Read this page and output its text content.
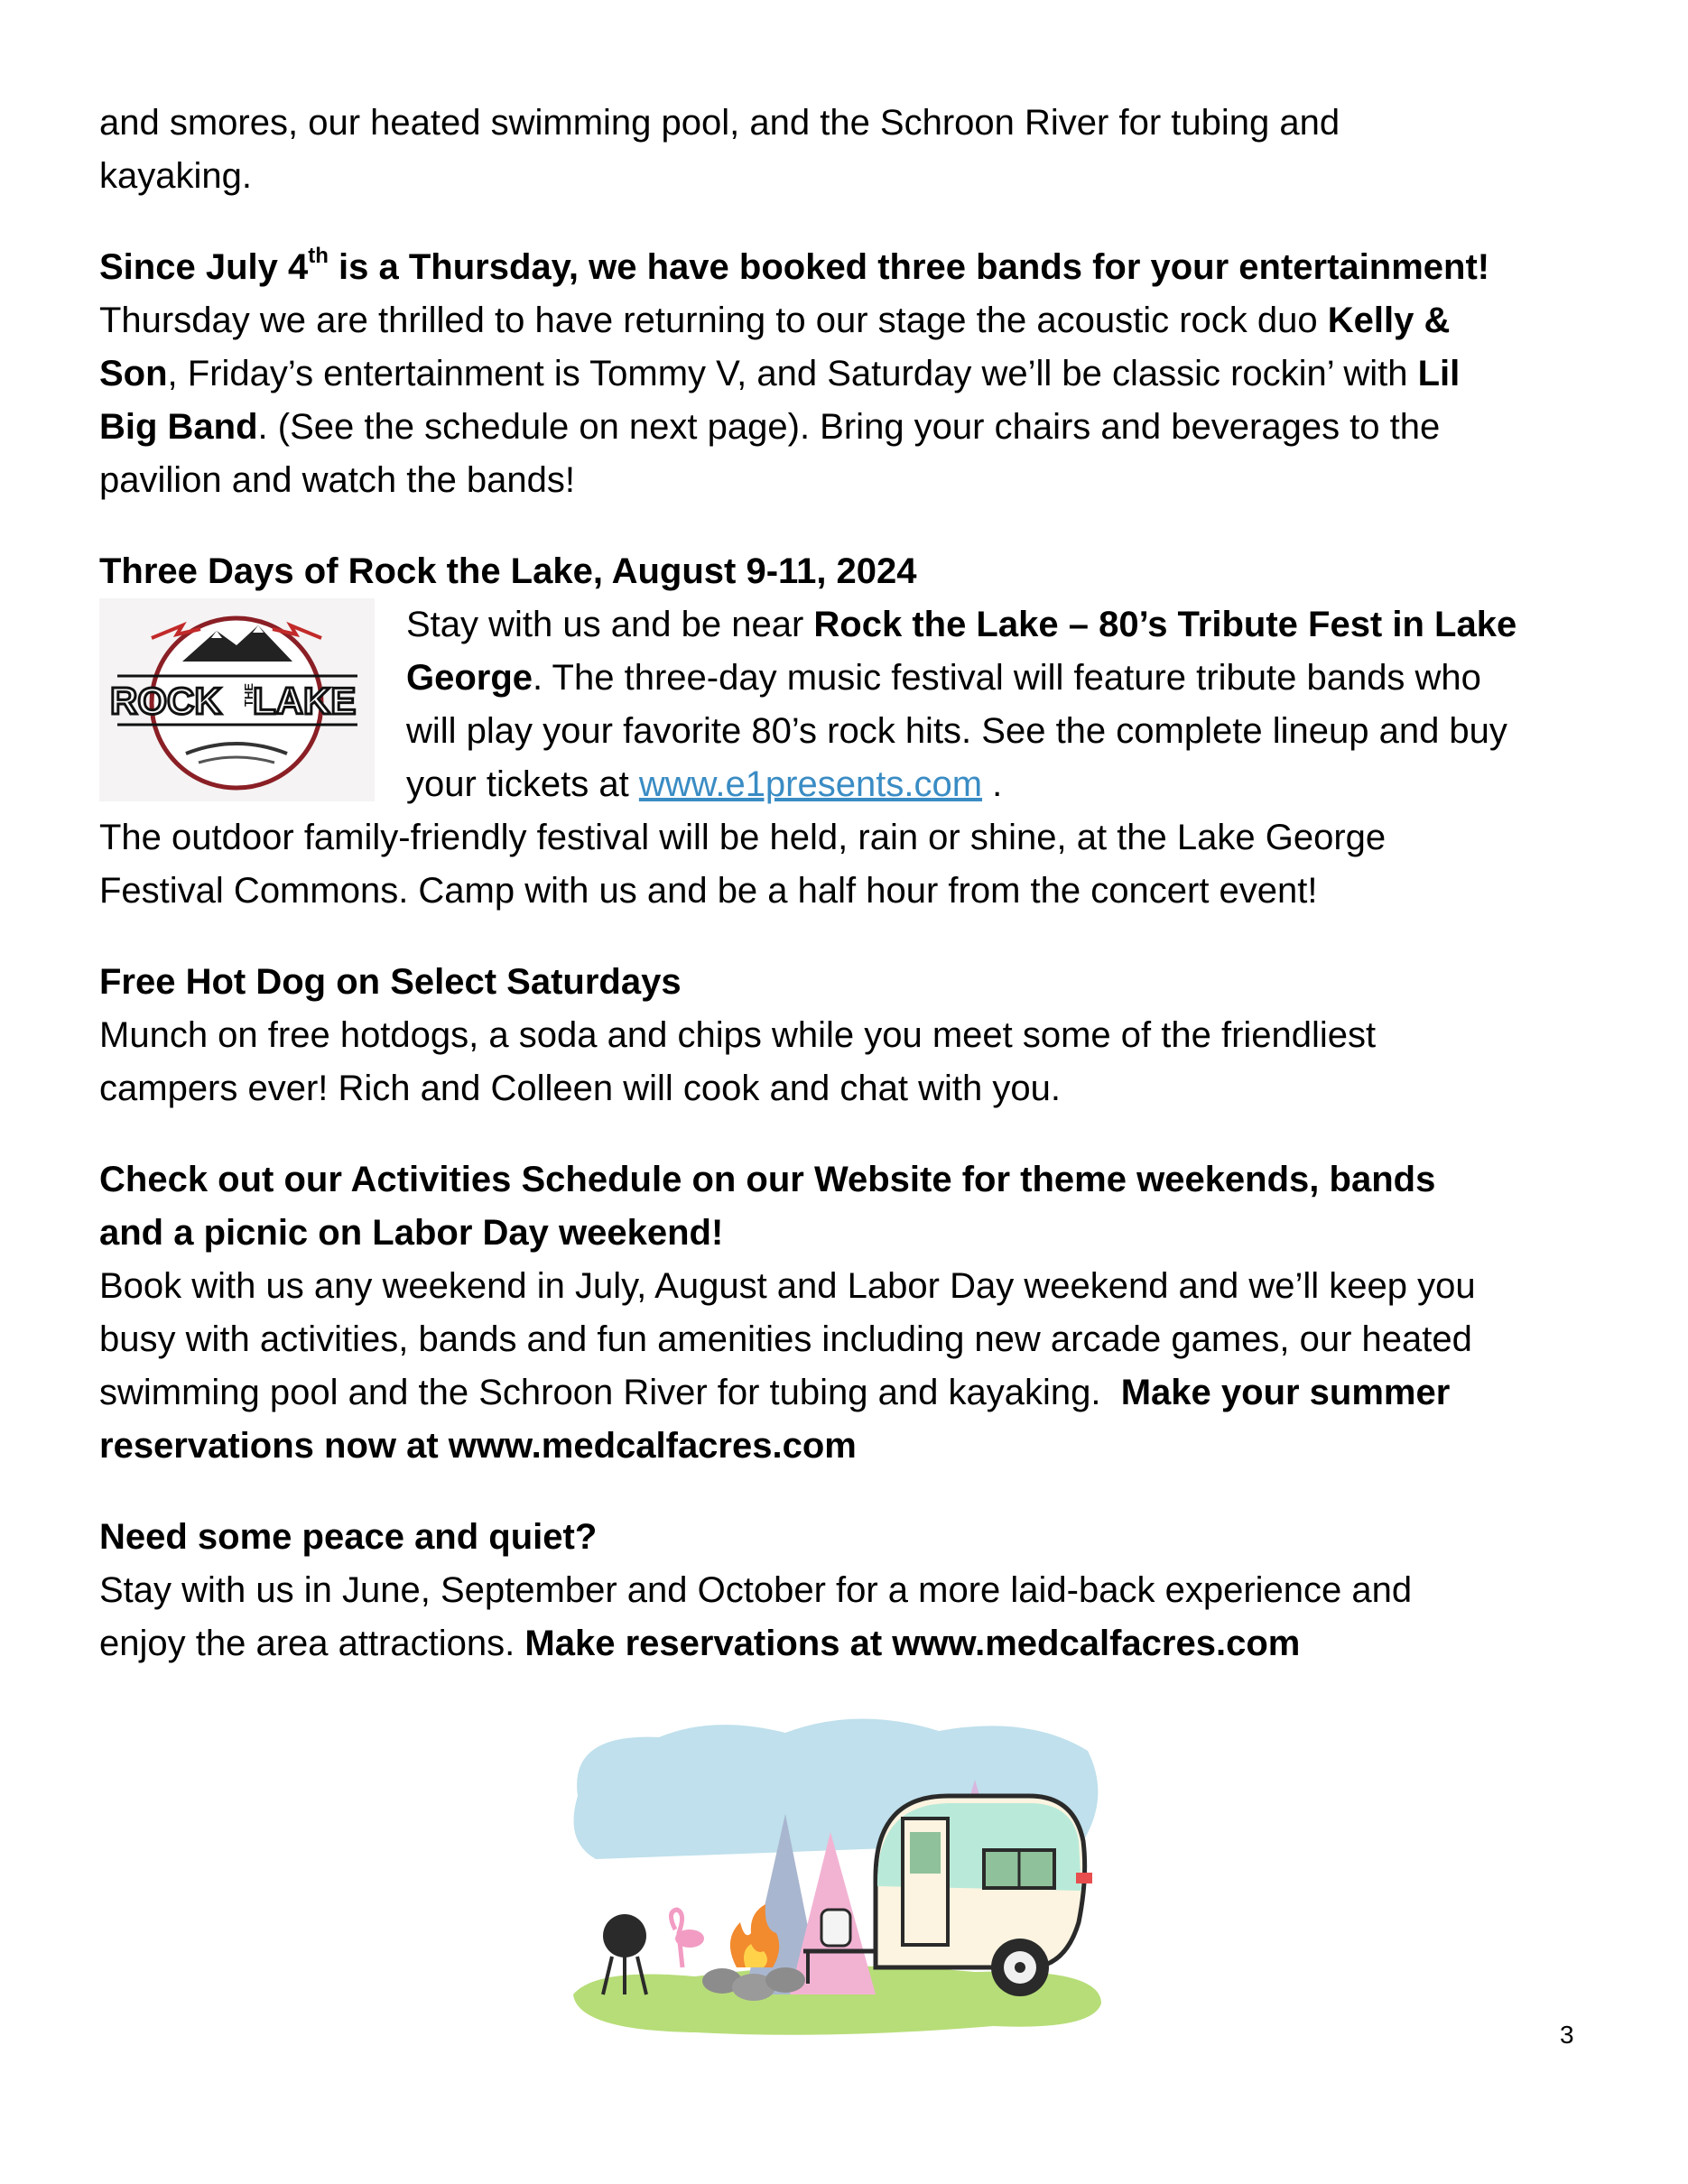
and smores, our heated swimming pool, and the Schroon River for tubing and

kayaking.

Since July 4th is a Thursday, we have booked three bands for your entertainment!

Thursday we are thrilled to have returning to our stage the acoustic rock duo Kelly &

Son, Friday’s entertainment is Tommy V, and Saturday we’ll be classic rockin’ with Lil

Big Band. (See the schedule on next page). Bring your chairs and beverages to the

pavilion and watch the bands!

Three Days of Rock the Lake, August 9-11, 2024

ROCK THE
LAKE

Stay with us and be near Rock the Lake – 80’s Tribute Fest in Lake

George. The three-day music festival will feature tribute bands who

will play your favorite 80’s rock hits. See the complete lineup and buy

your tickets at www.e1presents.com .

The outdoor family-friendly festival will be held, rain or shine, at the Lake George

Festival Commons. Camp with us and be a half hour from the concert event!

Free Hot Dog on Select Saturdays

Munch on free hotdogs, a soda and chips while you meet some of the friendliest

campers ever! Rich and Colleen will cook and chat with you.

Check out our Activities Schedule on our Website for theme weekends, bands

and a picnic on Labor Day weekend!

Book with us any weekend in July, August and Labor Day weekend and we’ll keep you

busy with activities, bands and fun amenities including new arcade games, our heated

swimming pool and the Schroon River for tubing and kayaking.  Make your summer

reservations now at www.medcalfacres.com

Need some peace and quiet?

Stay with us in June, September and October for a more laid-back experience and

enjoy the area attractions. Make reservations at www.medcalfacres.com

3
